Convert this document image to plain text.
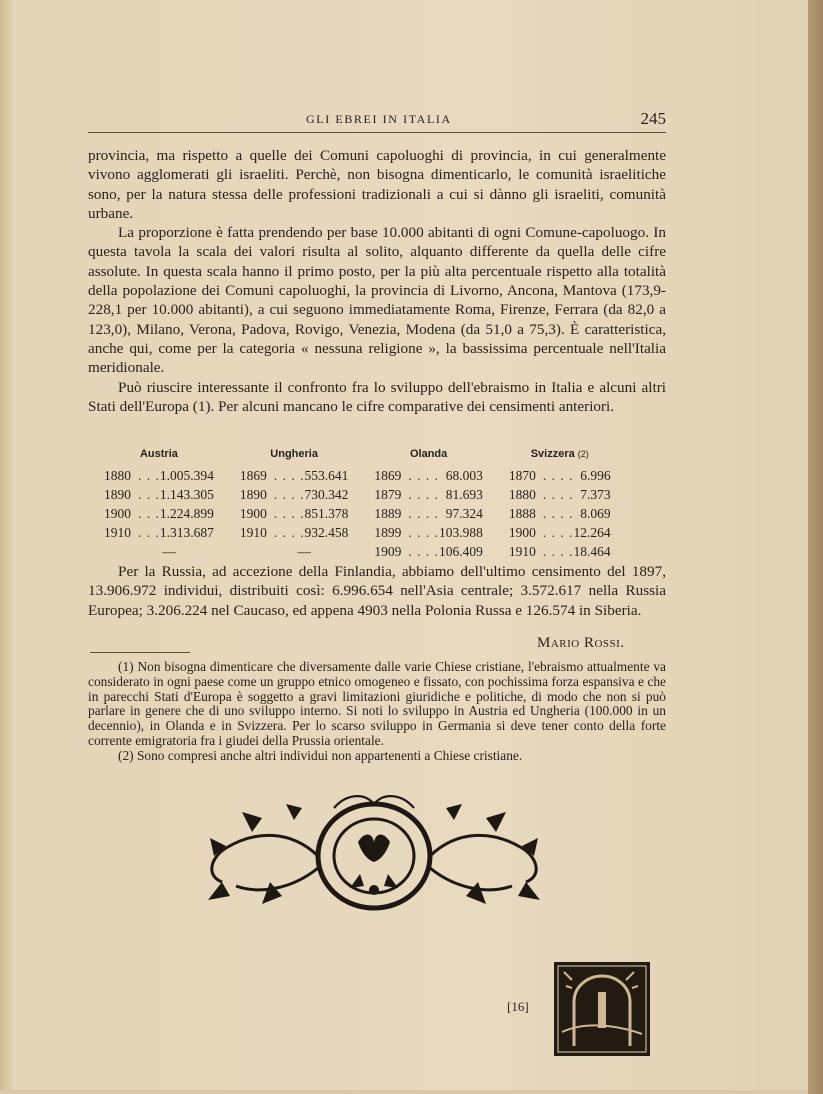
GLI EBREI IN ITALIA	245

provincia, ma rispetto a quelle dei Comuni capoluoghi di provincia, in cui generalmente vivono agglomerati gli israeliti. Perchè, non bisogna dimenticarlo, le comunità israelitiche sono, per la natura stessa delle professioni tradizionali a cui si dànno gli israeliti, comunità urbane.

La proporzione è fatta prendendo per base 10.000 abitanti di ogni Comune-capoluogo. In questa tavola la scala dei valori risulta al solito, alquanto differente da quella delle cifre assolute. In questa scala hanno il primo posto, per la più alta percentuale rispetto alla totalità della popolazione dei Comuni capoluoghi, la provincia di Livorno, Ancona, Mantova (173,9-228,1 per 10.000 abitanti), a cui seguono immediatamente Roma, Firenze, Ferrara (da 82,0 a 123,0), Milano, Verona, Padova, Rovigo, Venezia, Modena (da 51,0 a 75,3). È caratteristica, anche qui, come per la categoria « nessuna religione », la bassissima percentuale nell'Italia meridionale.

Può riuscire interessante il confronto fra lo sviluppo dell'ebraismo in Italia e alcuni altri Stati dell'Europa (1). Per alcuni mancano le cifre comparative dei censimenti anteriori.

Austria				Ungheria				Olanda				Svizzera (2)		
1880	. . .	1.005.394		1869	. . . .	553.641		1869	. . . .	68.003		1870	. . . .	6.996
1890	. . .	1.143.305		1890	. . . .	730.342		1879	. . . .	81.693		1880	. . . .	7.373
1900	. . .	1.224.899		1900	. . . .	851.378		1889	. . . .	97.324		1888	. . . .	8.069
1910	. . .	1.313.687		1910	. . . .	932.458		1899	. . . .	103.988		1900	. . . .	12.264
—				—				1909	. . . .	106.409		1910	. . . .	18.464

Per la Russia, ad accezione della Finlandia, abbiamo dell'ultimo censimento del 1897, 13.906.972 individui, distribuiti così: 6.996.654 nell'Asia centrale; 3.572.617 nella Russia Europea; 3.206.224 nel Caucaso, ed appena 4903 nella Polonia Russa e 126.574 in Siberia.

Mario Rossi.

(1) Non bisogna dimenticare che diversamente dalle varie Chiese cristiane, l'ebraismo attualmente va considerato in ogni paese come un gruppo etnico omogeneo e fissato, con pochissima forza espansiva e che in parecchi Stati d'Europa è soggetto a gravi limitazioni giuridiche e politiche, di modo che non si può parlare in genere che di uno sviluppo interno. Si noti lo sviluppo in Austria ed Ungheria (100.000 in un decennio), in Olanda e in Svizzera. Per lo scarso sviluppo in Germania si deve tener conto della forte corrente emigratoria fra i giudei della Prussia orientale.

(2) Sono compresi anche altri individui non appartenenti a Chiese cristiane.

[16]
